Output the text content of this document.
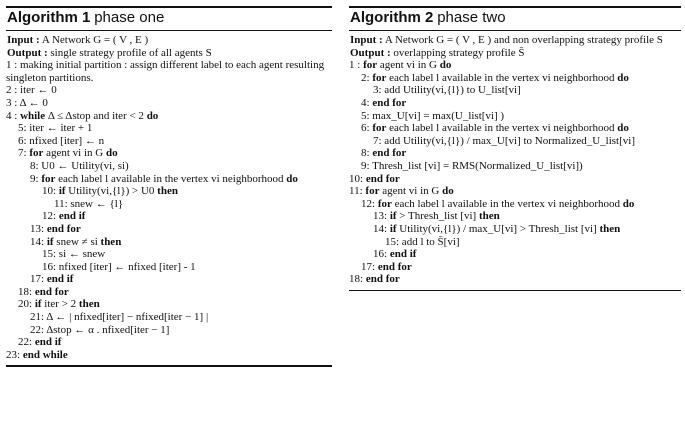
Algorithm 1 phase one
Input : A Network G = ( V , E )
Output : single strategy profile of all agents S
1 : making initial partition : assign different label to each agent resulting singleton partitions.
2 : iter ← 0
3 : Δ ← 0
4 : while Δ ≤ Δstop and iter < 2 do
5: iter ← iter + 1
6: nfixed [iter] ← n
7: for agent vi in G do
8: U0 ← Utility(vi, si)
9: for each label l available in the vertex vi neighborhood do
10: if Utility(vi,{l}) > U0 then
11: snew ← {l}
12: end if
13: end for
14: if snew ≠ si then
15: si ← snew
16: nfixed [iter] ← nfixed [iter] - 1
17: end if
18: end for
20: if iter > 2 then
21: Δ ← | nfixed[iter] − nfixed[iter − 1] |
22: Δstop ← α . nfixed[iter − 1]
22: end if
23: end while
Algorithm 2 phase two
Input : A Network G = ( V , E ) and non overlapping strategy profile S
Output : overlapping strategy profile S̄
1 : for agent vi in G do
2: for each label l available in the vertex vi neighborhood do
3: add Utility(vi,{l}) to U_list[vi]
4: end for
5: max_U[vi] = max(U_list[vi] )
6: for each label l available in the vertex vi neighborhood do
7: add Utility(vi,{l}) / max_U[vi] to Normalized_U_list[vi]
8: end for
9: Thresh_list [vi] = RMS(Normalized_U_list[vi])
10: end for
11: for agent vi in G do
12: for each label l available in the vertex vi neighborhood do
13: if > Thresh_list [vi] then
14: if Utility(vi,{l}) / max_U[vi] > Thresh_list [vi] then
15: add l to S̄[vi]
16: end if
17: end for
18: end for
